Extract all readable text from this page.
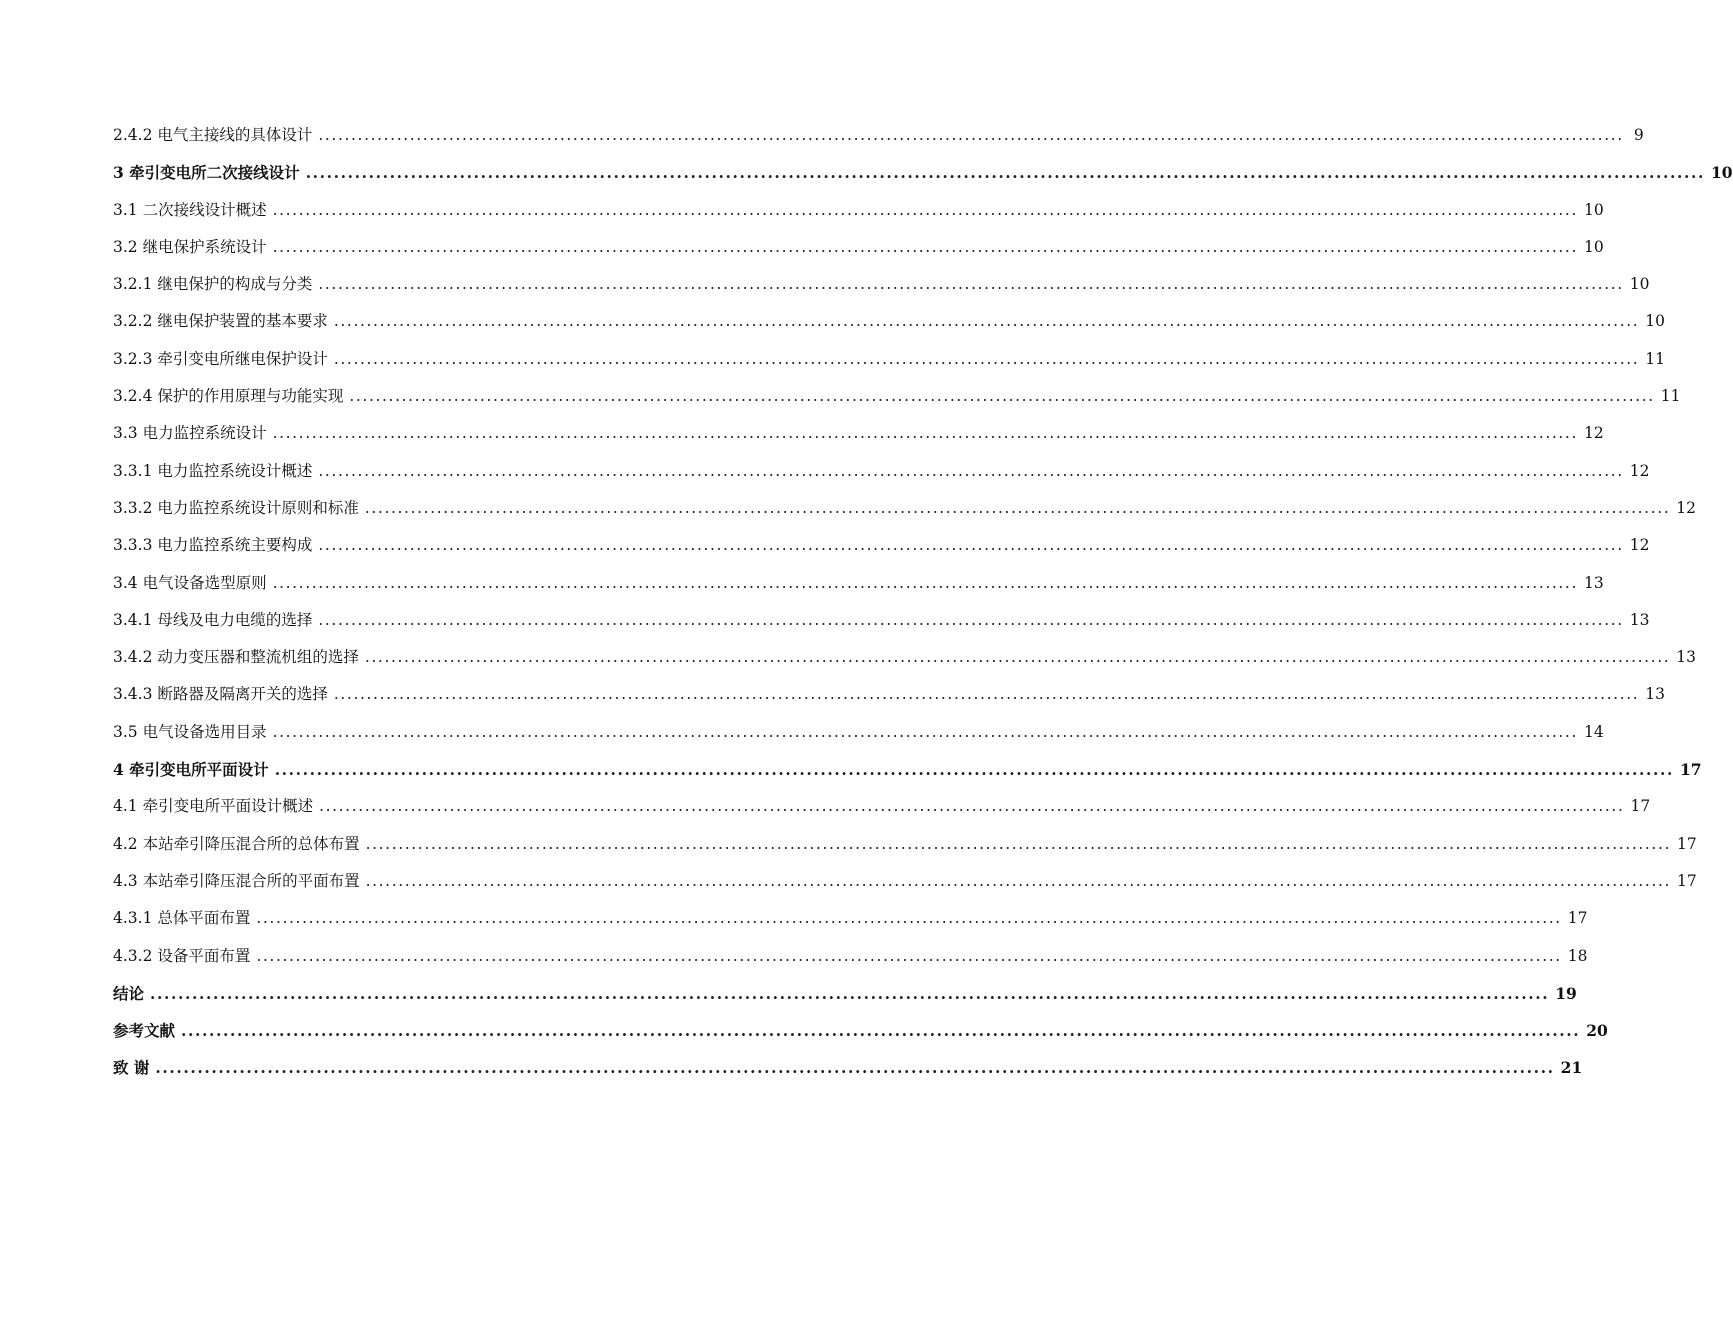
2.4.2 电气主接线的具体设计 ........................................................................................................................................................................................................ 9
3 牵引变电所二次接线设计 ........................................................................................................................................................................................................ 10
3.1 二次接线设计概述 ........................................................................................................................................................................................................ 10
3.2 继电保护系统设计 ........................................................................................................................................................................................................ 10
3.2.1 继电保护的构成与分类 ........................................................................................................................................................................................................ 10
3.2.2 继电保护装置的基本要求 ........................................................................................................................................................................................................ 10
3.2.3 牵引变电所继电保护设计 ........................................................................................................................................................................................................ 11
3.2.4 保护的作用原理与功能实现 ........................................................................................................................................................................................................ 11
3.3 电力监控系统设计 ........................................................................................................................................................................................................ 12
3.3.1 电力监控系统设计概述 ........................................................................................................................................................................................................ 12
3.3.2 电力监控系统设计原则和标准 ........................................................................................................................................................................................................ 12
3.3.3 电力监控系统主要构成 ........................................................................................................................................................................................................ 12
3.4 电气设备选型原则 ........................................................................................................................................................................................................ 13
3.4.1 母线及电力电缆的选择 ........................................................................................................................................................................................................ 13
3.4.2 动力变压器和整流机组的选择 ........................................................................................................................................................................................................ 13
3.4.3 断路器及隔离开关的选择 ........................................................................................................................................................................................................ 13
3.5 电气设备选用目录 ........................................................................................................................................................................................................ 14
4 牵引变电所平面设计 ........................................................................................................................................................................................................ 17
4.1 牵引变电所平面设计概述 ........................................................................................................................................................................................................ 17
4.2 本站牵引降压混合所的总体布置 ........................................................................................................................................................................................................ 17
4.3 本站牵引降压混合所的平面布置 ........................................................................................................................................................................................................ 17
4.3.1 总体平面布置 ........................................................................................................................................................................................................ 17
4.3.2 设备平面布置 ........................................................................................................................................................................................................ 18
结论 ........................................................................................................................................................................................................ 19
参考文献 ........................................................................................................................................................................................................ 20
致 谢 ........................................................................................................................................................................................................ 21
